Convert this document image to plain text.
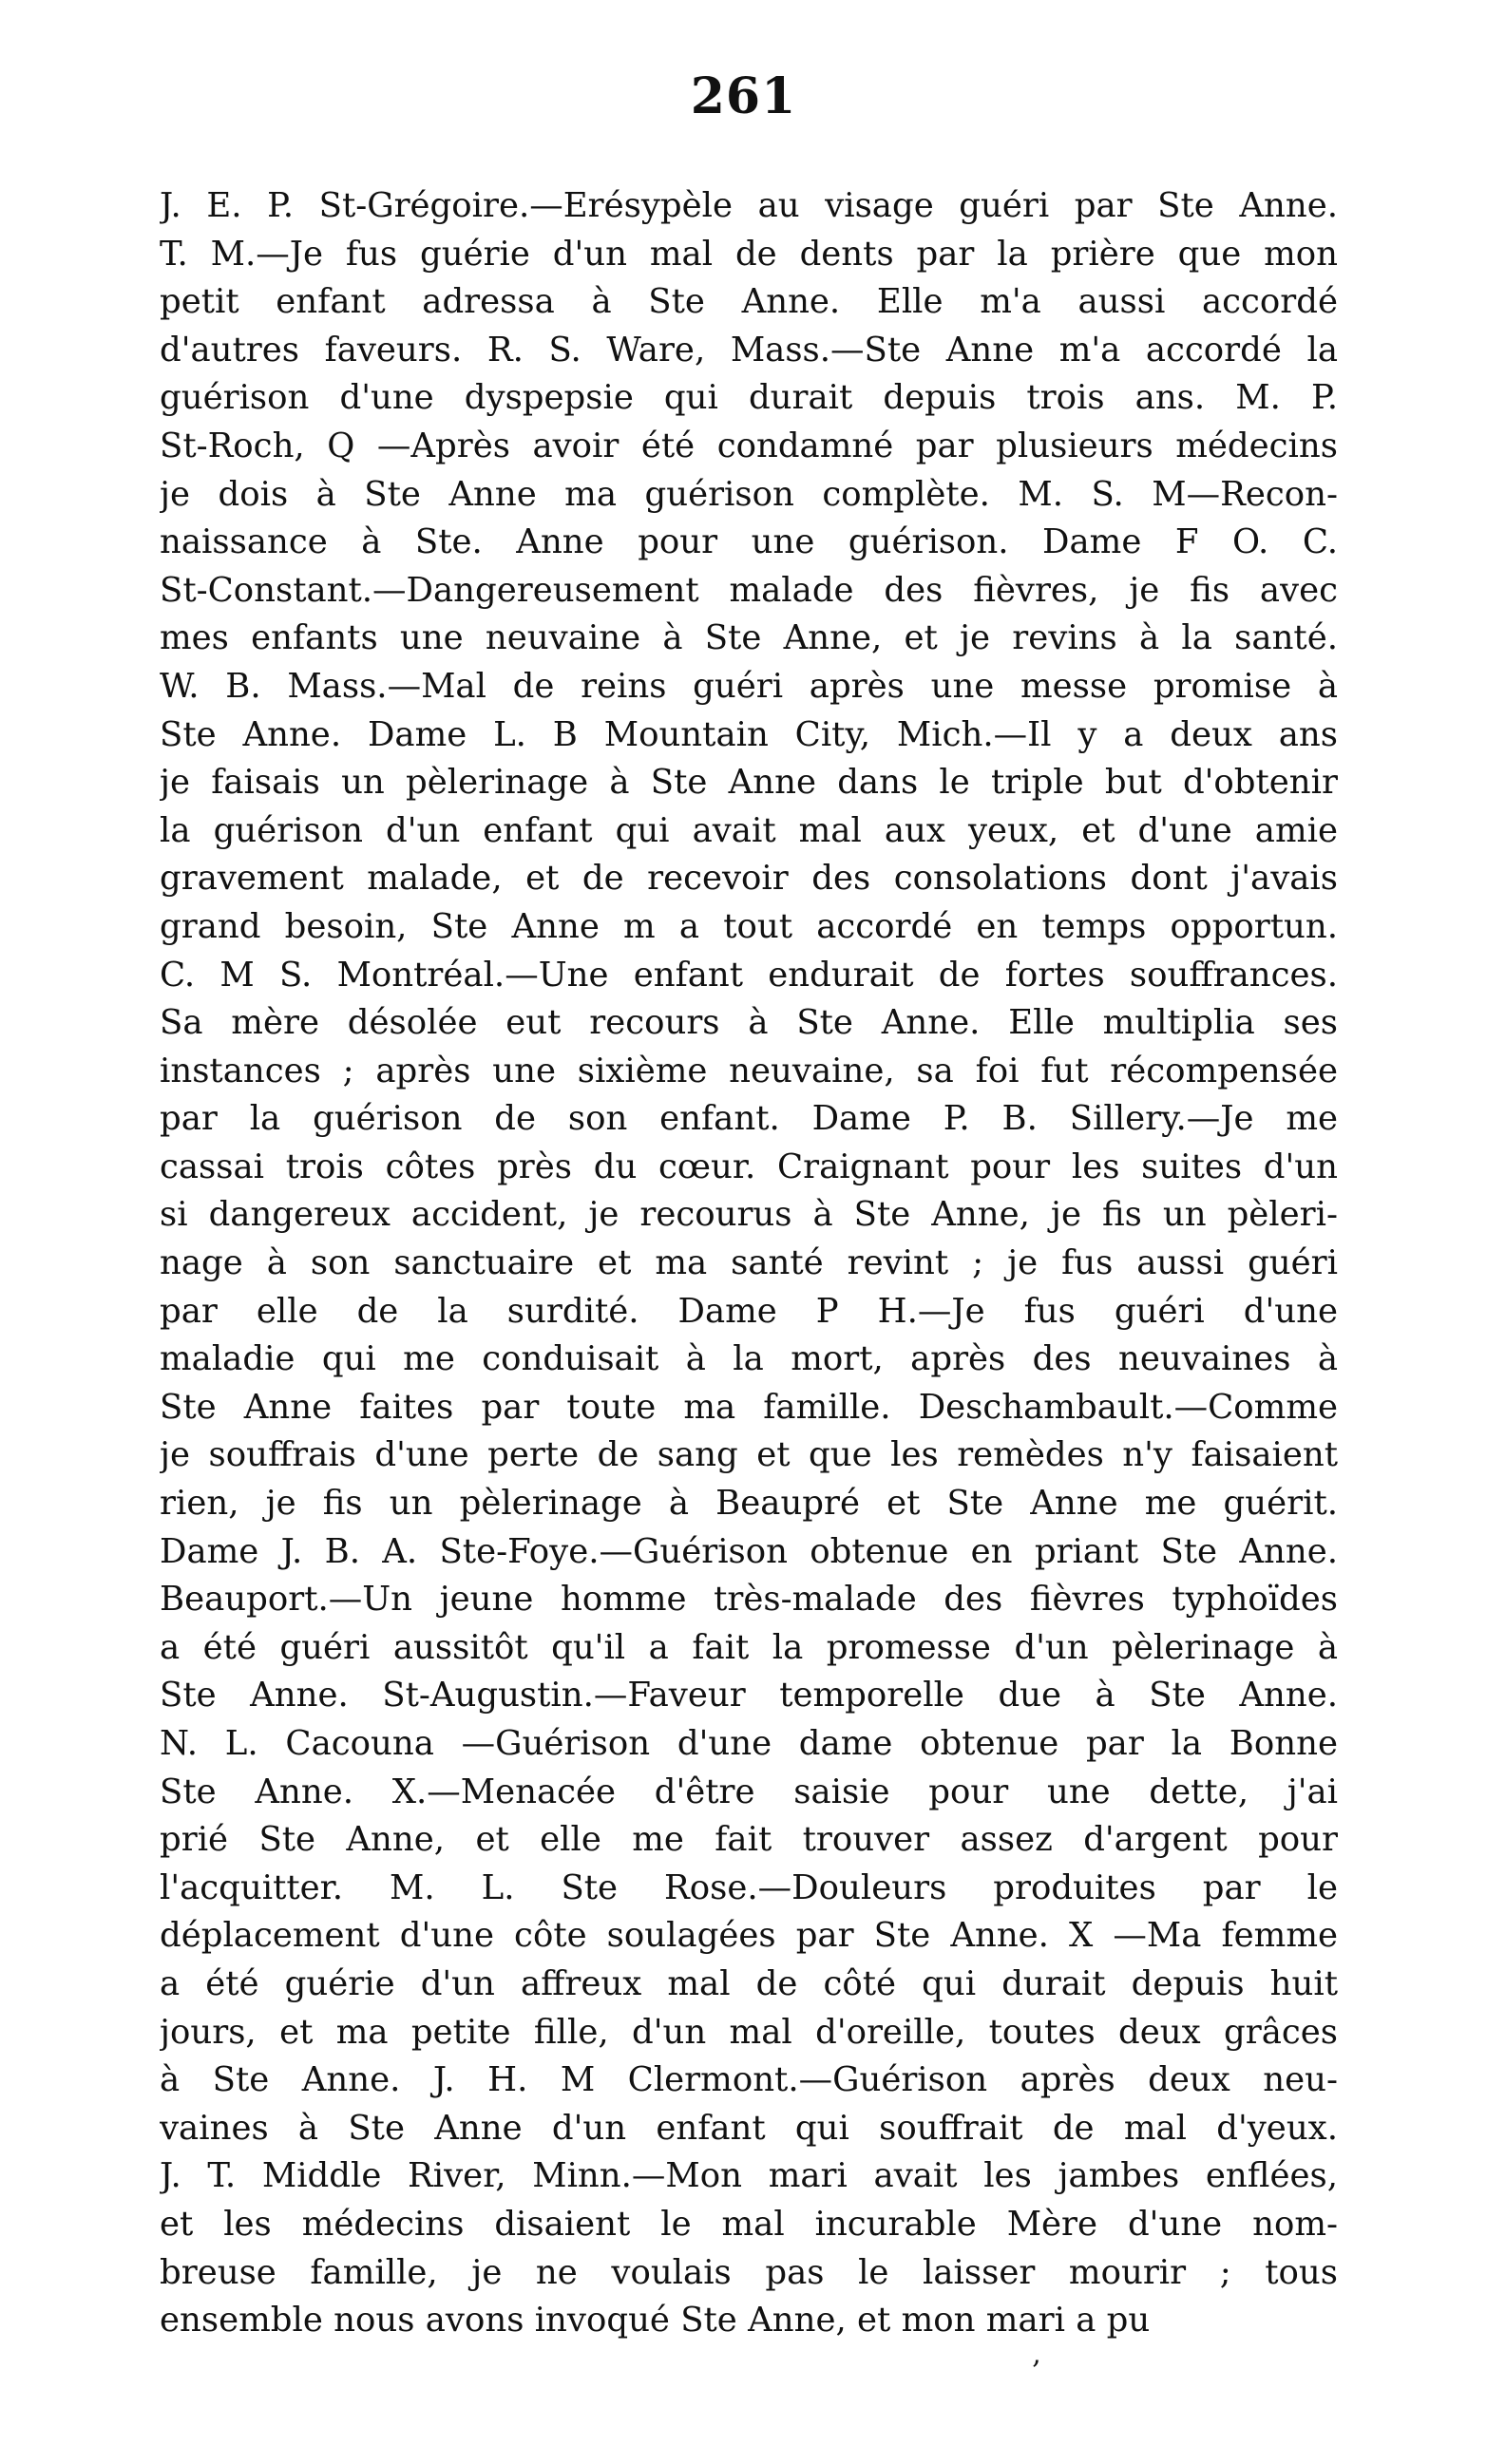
261
J. E. P. St-Grégoire.—Erésypèle au visage guéri par Ste Anne.
T. M.—Je fus guérie d'un mal de dents par la prière que mon
petit enfant adressa à Ste Anne. Elle m'a aussi accordé
d'autres faveurs. R. S. Ware, Mass.—Ste Anne m'a accordé la
guérison d'une dyspepsie qui durait depuis trois ans. M. P.
St-Roch, Q —Après avoir été condamné par plusieurs médecins
je dois à Ste Anne ma guérison complète. M. S. M—Recon-
naissance à Ste. Anne pour une guérison. Dame F O. C.
St-Constant.—Dangereusement malade des fièvres, je fis avec
mes enfants une neuvaine à Ste Anne, et je revins à la santé.
W. B. Mass.—Mal de reins guéri après une messe promise à
Ste Anne. Dame L. B Mountain City, Mich.—Il y a deux ans
je faisais un pèlerinage à Ste Anne dans le triple but d'obtenir
la guérison d'un enfant qui avait mal aux yeux, et d'une amie
gravement malade, et de recevoir des consolations dont j'avais
grand besoin, Ste Anne m a tout accordé en temps opportun.
C. M S. Montréal.—Une enfant endurait de fortes souffrances.
Sa mère désolée eut recours à Ste Anne. Elle multiplia ses
instances ; après une sixième neuvaine, sa foi fut récompensée
par la guérison de son enfant. Dame P. B. Sillery.—Je me
cassai trois côtes près du cœur. Craignant pour les suites d'un
si dangereux accident, je recourus à Ste Anne, je fis un pèleri-
nage à son sanctuaire et ma santé revint ; je fus aussi guéri
par elle de la surdité. Dame P H.—Je fus guéri d'une
maladie qui me conduisait à la mort, après des neuvaines à
Ste Anne faites par toute ma famille. Deschambault.—Comme
je souffrais d'une perte de sang et que les remèdes n'y faisaient
rien, je fis un pèlerinage à Beaupré et Ste Anne me guérit.
Dame J. B. A. Ste-Foye.—Guérison obtenue en priant Ste Anne.
Beauport.—Un jeune homme très-malade des fièvres typhoïdes
a été guéri aussitôt qu'il a fait la promesse d'un pèlerinage à
Ste Anne. St-Augustin.—Faveur temporelle due à Ste Anne.
N. L. Cacouna —Guérison d'une dame obtenue par la Bonne
Ste Anne. X.—Menacée d'être saisie pour une dette, j'ai
prié Ste Anne, et elle me fait trouver assez d'argent pour
l'acquitter. M. L. Ste Rose.—Douleurs produites par le
déplacement d'une côte soulagées par Ste Anne. X —Ma femme
a été guérie d'un affreux mal de côté qui durait depuis huit
jours, et ma petite fille, d'un mal d'oreille, toutes deux grâces
à Ste Anne. J. H. M Clermont.—Guérison après deux neu-
vaines à Ste Anne d'un enfant qui souffrait de mal d'yeux.
J. T. Middle River, Minn.—Mon mari avait les jambes enflées,
et les médecins disaient le mal incurable Mère d'une nom-
breuse famille, je ne voulais pas le laisser mourir ; tous
ensemble nous avons invoqué Ste Anne, et mon mari a pu
‚
